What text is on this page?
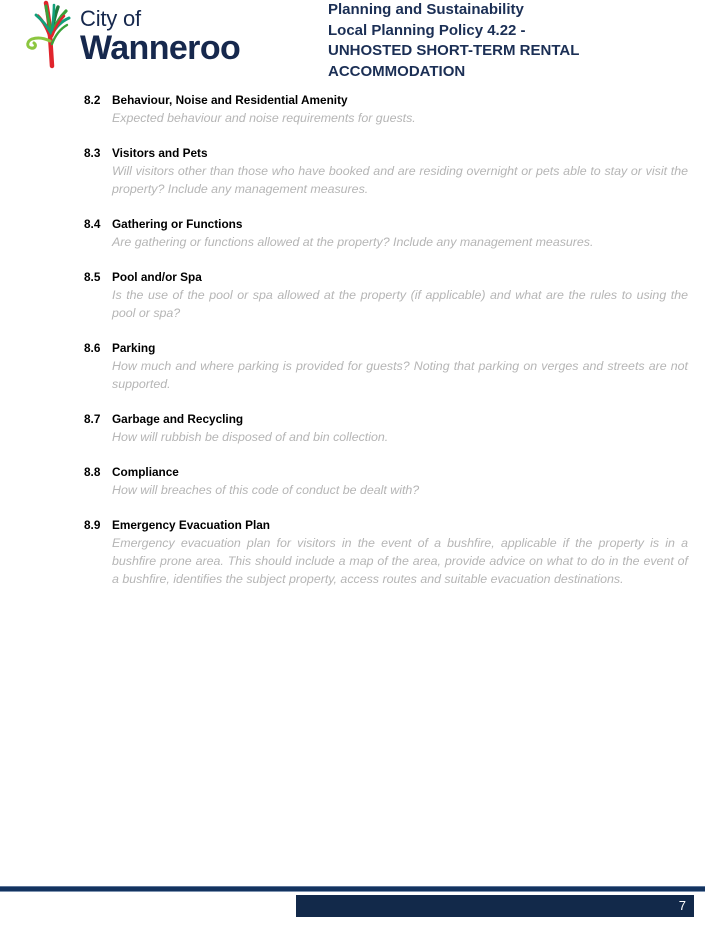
City of
Wanneroo
Planning and Sustainability
Local Planning Policy 4.22 -
UNHOSTED SHORT-TERM RENTAL
ACCOMMODATION
8.2 Behaviour, Noise and Residential Amenity
Expected behaviour and noise requirements for guests.
8.3 Visitors and Pets
Will visitors other than those who have booked and are residing overnight or pets able to stay or visit the property? Include any management measures.
8.4 Gathering or Functions
Are gathering or functions allowed at the property? Include any management measures.
8.5 Pool and/or Spa
Is the use of the pool or spa allowed at the property (if applicable) and what are the rules to using the pool or spa?
8.6 Parking
How much and where parking is provided for guests? Noting that parking on verges and streets are not supported.
8.7 Garbage and Recycling
How will rubbish be disposed of and bin collection.
8.8 Compliance
How will breaches of this code of conduct be dealt with?
8.9 Emergency Evacuation Plan
Emergency evacuation plan for visitors in the event of a bushfire, applicable if the property is in a bushfire prone area. This should include a map of the area, provide advice on what to do in the event of a bushfire, identifies the subject property, access routes and suitable evacuation destinations.
7
